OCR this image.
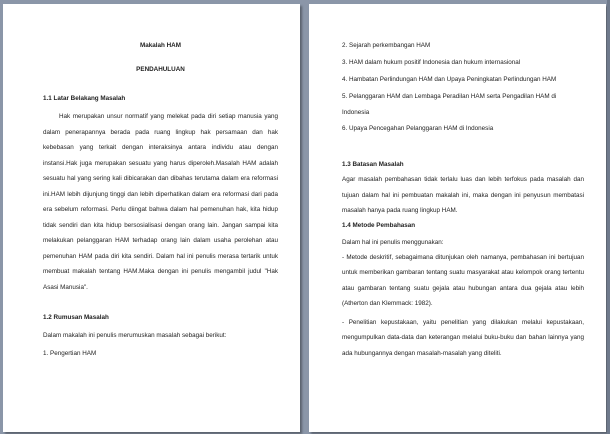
Makalah HAM

PENDAHULUAN

1.1 Latar Belakang Masalah

Hak merupakan unsur normatif yang melekat pada diri setiap manusia yang dalam penerapannya berada pada ruang lingkup hak persamaan dan hak kebebasan yang terkait dengan interaksinya antara individu atau dengan instansi.Hak juga merupakan sesuatu yang harus diperoleh.Masalah HAM adalah sesuatu hal yang sering kali dibicarakan dan dibahas terutama dalam era reformasi ini.HAM lebih dijunjung tinggi dan lebih diperhatikan dalam era reformasi dari pada era sebelum reformasi. Perlu diingat bahwa dalam hal pemenuhan hak, kita hidup tidak sendiri dan kita hidup bersosialisasi dengan orang lain. Jangan sampai kita melakukan pelanggaran HAM terhadap orang lain dalam usaha perolehan atau pemenuhan HAM pada diri kita sendiri. Dalam hal ini penulis merasa tertarik untuk membuat makalah tentang HAM.Maka dengan ini penulis mengambil judul "Hak Asasi Manusia".

1.2 Rumusan Masalah

Dalam makalah ini penulis merumuskan masalah sebagai berikut:

1. Pengertian HAM

2. Sejarah perkembangan HAM

3. HAM dalam hukum positif Indonesia dan hukum internasional

4. Hambatan Perlindungan HAM dan Upaya Peningkatan Perlindungan HAM

5. Pelanggaran HAM dan Lembaga Peradilan HAM serta Pengadilan HAM di Indonesia

6. Upaya Pencegahan Pelanggaran HAM di Indonesia

1.3 Batasan Masalah

Agar masalah pembahasan tidak terlalu luas dan lebih terfokus pada masalah dan tujuan dalam hal ini pembuatan makalah ini, maka dengan ini penyusun membatasi masalah hanya pada ruang lingkup HAM.

1.4 Metode Pembahasan

Dalam hal ini penulis menggunakan:

- Metode deskritif, sebagaimana ditunjukan oleh namanya, pembahasan ini bertujuan untuk memberikan gambaran tentang suatu masyarakat atau kelompok orang tertentu atau gambaran tentang suatu gejala atau hubungan antara dua gejala atau lebih (Atherton dan Klemmack: 1982).

- Penelitian kepustakaan, yaitu penelitian yang dilakukan melalui kepustakaan, mengumpulkan data-data dan keterangan melalui buku-buku dan bahan lainnya yang ada hubungannya dengan masalah-masalah yang diteliti.
